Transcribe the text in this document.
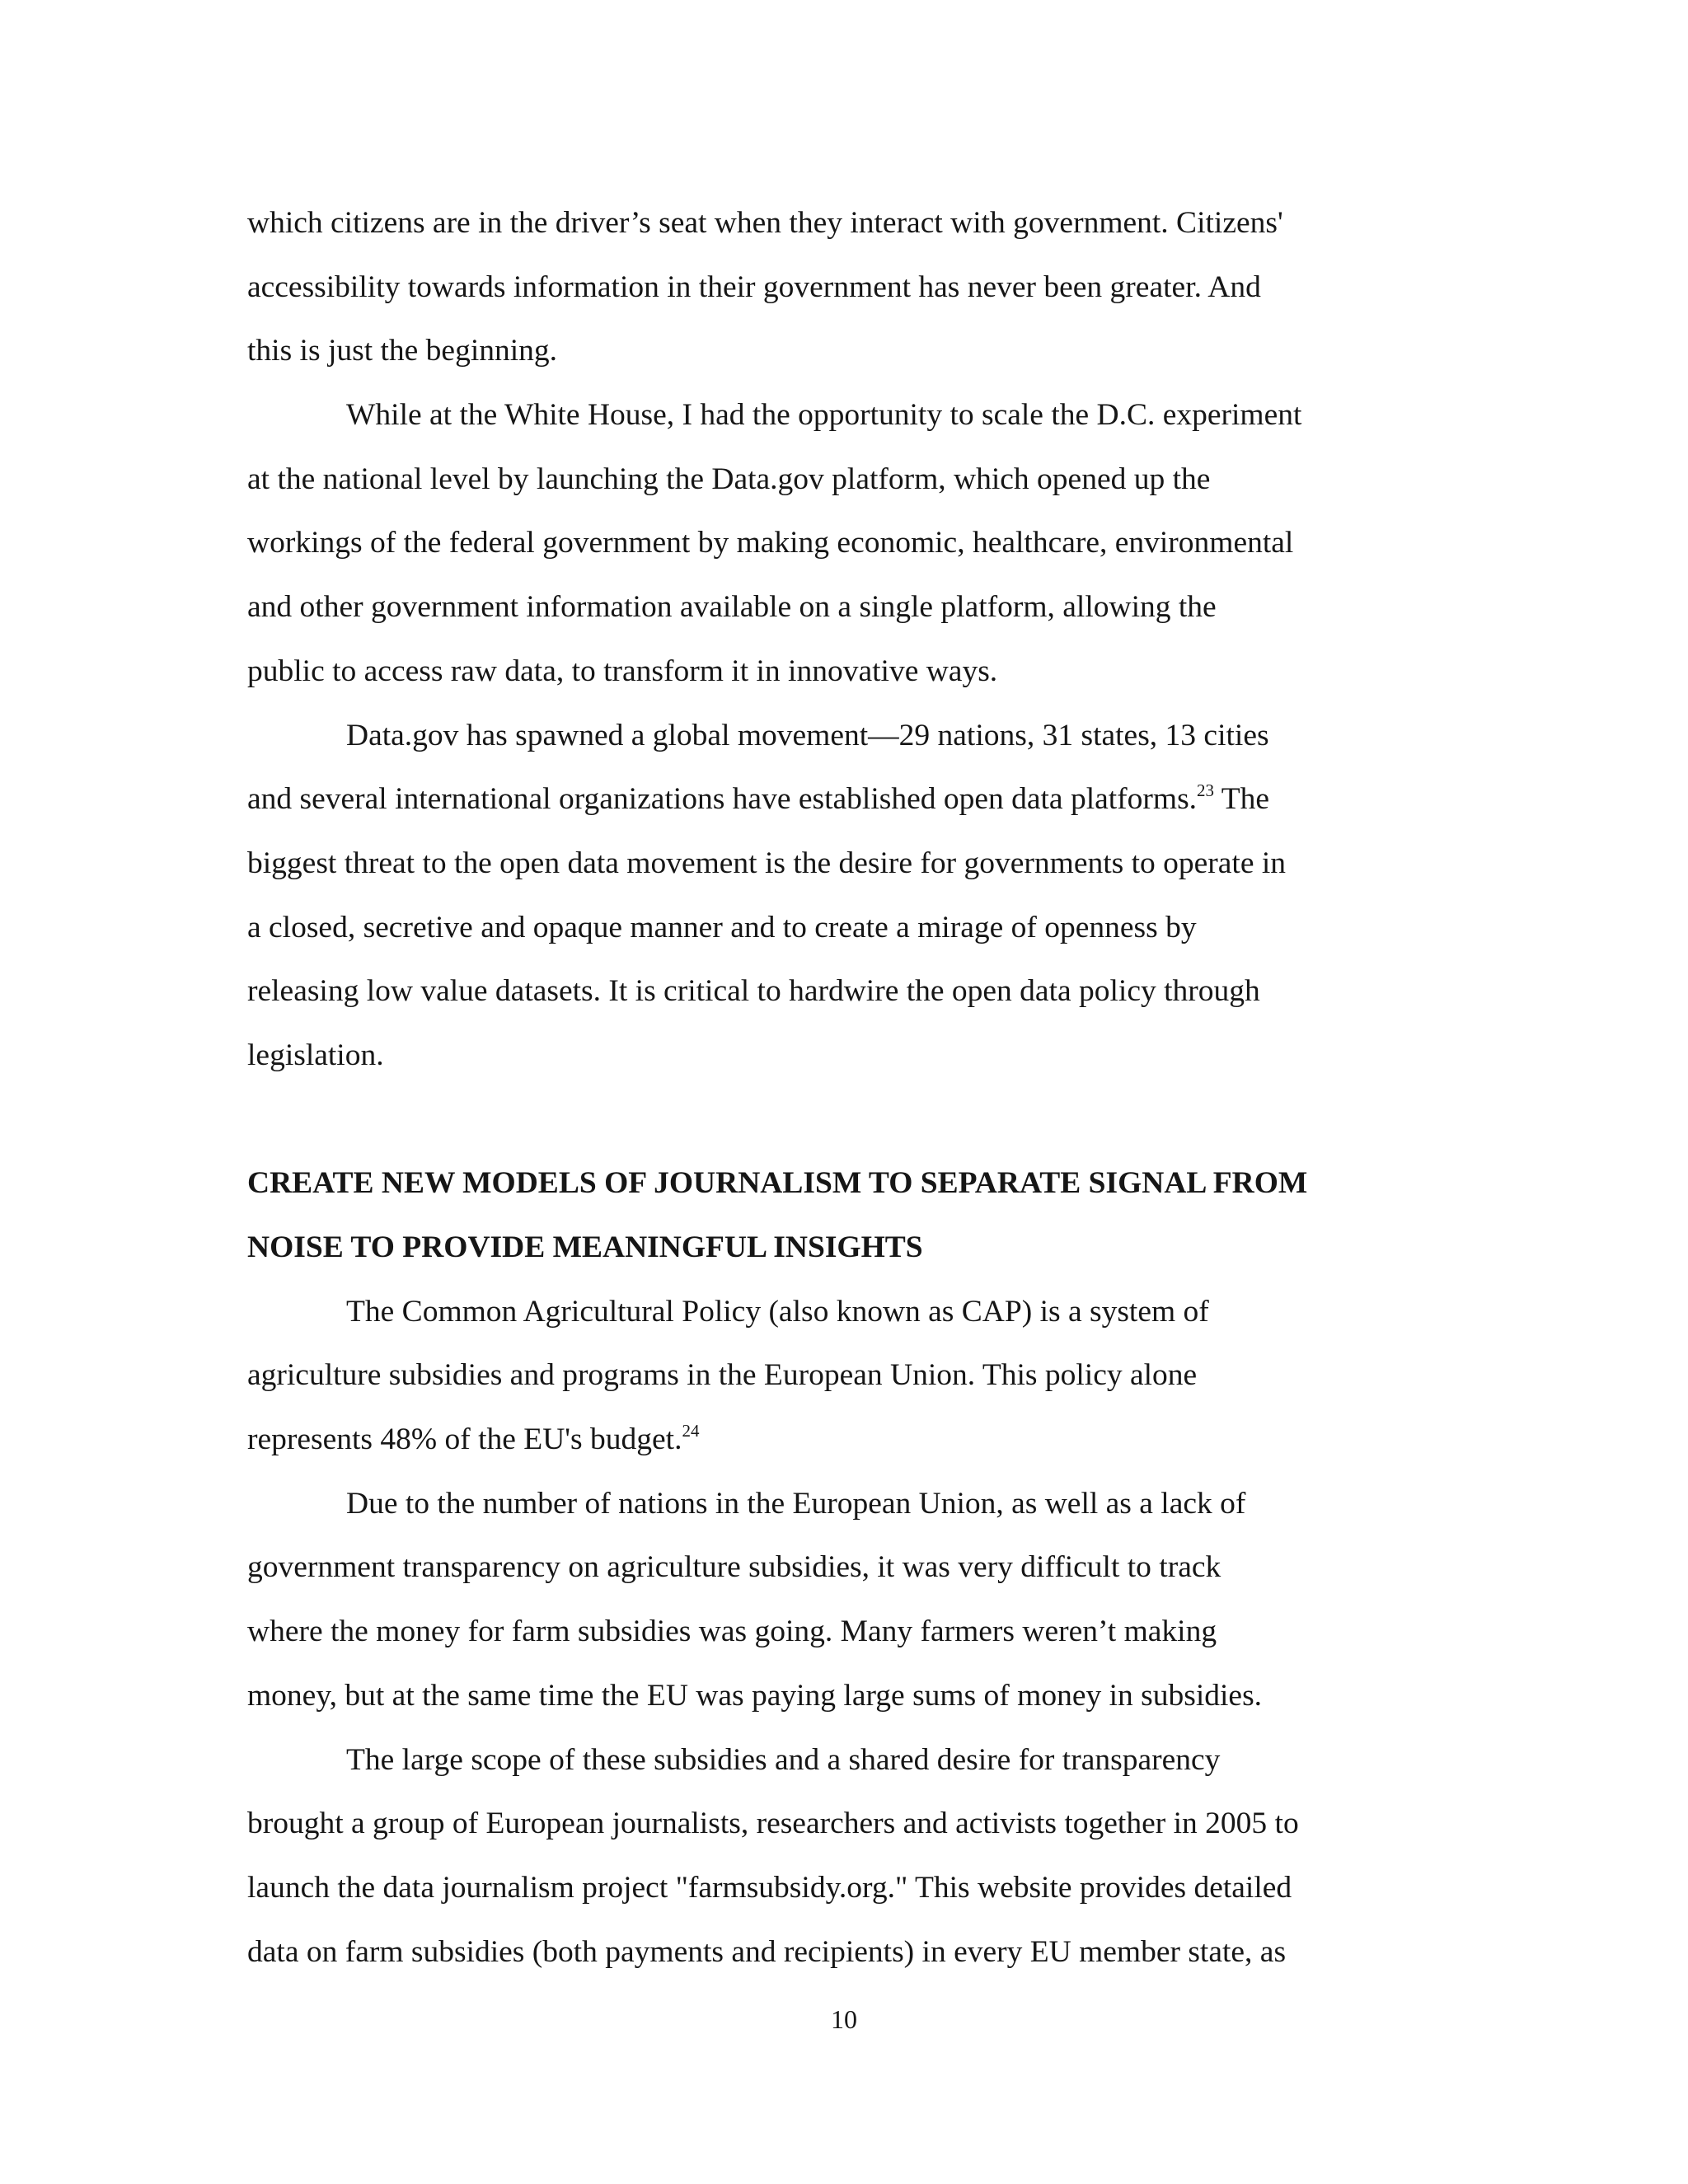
which citizens are in the driver’s seat when they interact with government. Citizens'
accessibility towards information in their government has never been greater. And
this is just the beginning.
While at the White House, I had the opportunity to scale the D.C. experiment
at the national level by launching the Data.gov platform, which opened up the
workings of the federal government by making economic, healthcare, environmental
and other government information available on a single platform, allowing the
public to access raw data, to transform it in innovative ways.
Data.gov has spawned a global movement—29 nations, 31 states, 13 cities
and several international organizations have established open data platforms.$^{23}$ The
biggest threat to the open data movement is the desire for governments to operate in
a closed, secretive and opaque manner and to create a mirage of openness by
releasing low value datasets. It is critical to hardwire the open data policy through
legislation.
CREATE NEW MODELS OF JOURNALISM TO SEPARATE SIGNAL FROM
NOISE TO PROVIDE MEANINGFUL INSIGHTS
The Common Agricultural Policy (also known as CAP) is a system of
agriculture subsidies and programs in the European Union. This policy alone
represents 48% of the EU's budget.$^{24}$
Due to the number of nations in the European Union, as well as a lack of
government transparency on agriculture subsidies, it was very difficult to track
where the money for farm subsidies was going. Many farmers weren’t making
money, but at the same time the EU was paying large sums of money in subsidies.
The large scope of these subsidies and a shared desire for transparency
brought a group of European journalists, researchers and activists together in 2005 to
launch the data journalism project "farmsubsidy.org." This website provides detailed
data on farm subsidies (both payments and recipients) in every EU member state, as
10
